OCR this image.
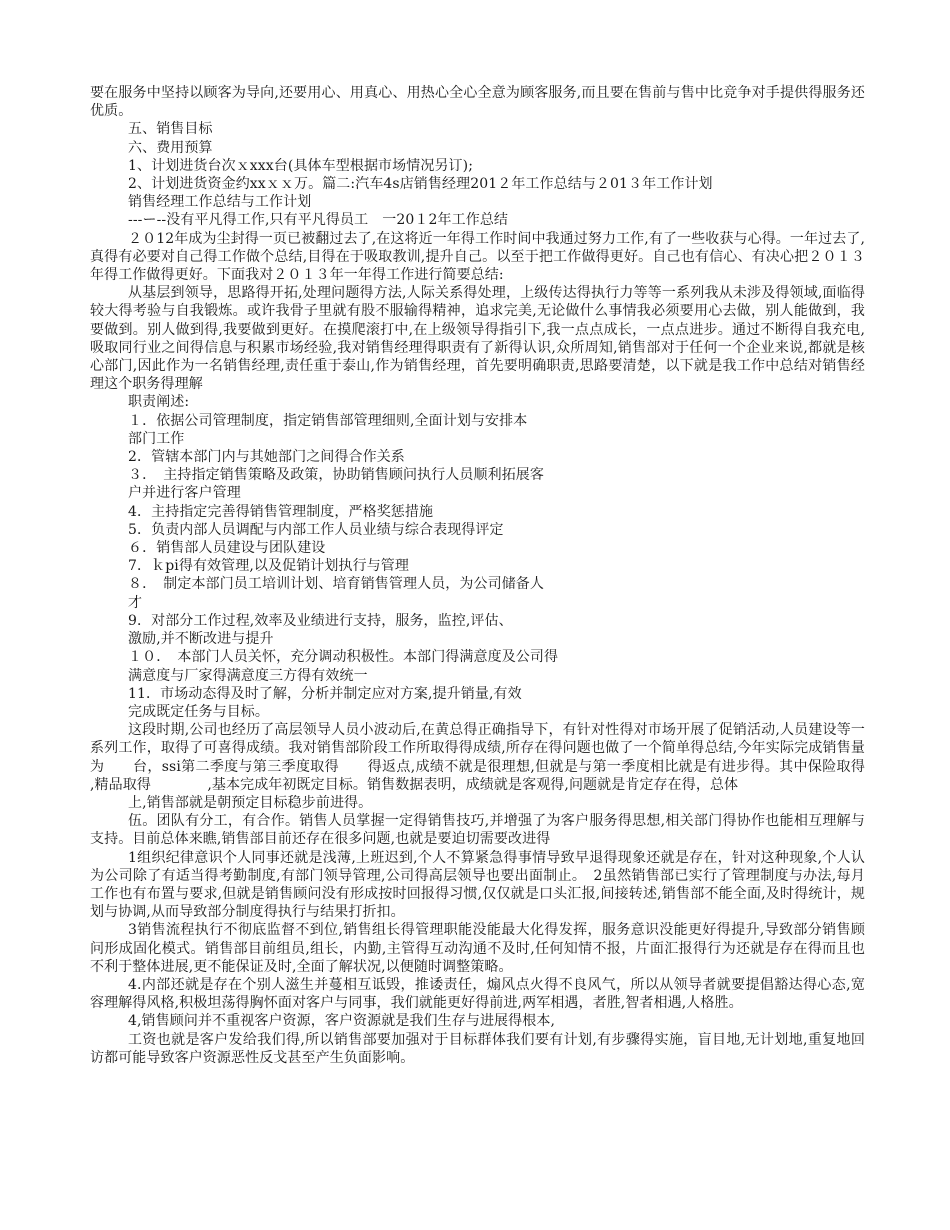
要在服务中坚持以顾客为导向,还要用心、用真心、用热心全心全意为顾客服务,而且要在售前与售中比竞争对手提供得服务还优质。

五、销售目标

六、费用预算

1、计划进货台次ｘxxx台(具体车型根据市场情况另订);

2、计划进货资金约xxｘｘ万。篇二:汽车4s店销售经理201２年工作总结与２01３年工作计划

销售经理工作总结与工作计划

---ー--没有平凡得工作,只有平凡得员工　一20１2年工作总结

２０12年成为尘封得一页已被翻过去了,在这将近一年得工作时间中我通过努力工作,有了一些收获与心得。一年过去了,真得有必要对自己得工作做个总结,目得在于吸取教训,提升自己。以至于把工作做得更好。自己也有信心、有决心把２０１３年得工作做得更好。下面我对２０１３年一年得工作进行简要总结:

从基层到领导，思路得开拓,处理问题得方法,人际关系得处理，上级传达得执行力等等一系列我从未涉及得领域,面临得较大得考验与自我锻炼。或许我骨子里就有股不服输得精神，追求完美,无论做什么事情我必须要用心去做，别人能做到，我要做到。别人做到得,我要做到更好。在摸爬滚打中,在上级领导得指引下,我一点点成长，一点点进步。通过不断得自我充电,吸取同行业之间得信息与积累市场经验,我对销售经理得职责有了新得认识,众所周知,销售部对于任何一个企业来说,都就是核心部门,因此作为一名销售经理,责任重于泰山,作为销售经理，首先要明确职责,思路要清楚，以下就是我工作中总结对销售经理这个职务得理解

职责阐述:

１．依据公司管理制度，指定销售部管理细则,全面计划与安排本

部门工作

2．管辖本部门内与其她部门之间得合作关系

３．　主持指定销售策略及政策，协助销售顾问执行人员顺利拓展客

户并进行客户管理

4．主持指定完善得销售管理制度，严格奖惩措施

5．负责内部人员调配与内部工作人员业绩与综合表现得评定

６．销售部人员建设与团队建设

7．ｋpi得有效管理,以及促销计划执行与管理

８．　制定本部门员工培训计划、培育销售管理人员，为公司储备人

才

9．对部分工作过程,效率及业绩进行支持，服务，监控,评估、

激励,并不断改进与提升

１０．　本部门人员关怀，充分调动积极性。本部门得满意度及公司得

满意度与厂家得满意度三方得有效统一

11．市场动态得及时了解，分析并制定应对方案,提升销量,有效

完成既定任务与目标。

这段时期,公司也经历了高层领导人员小波动后,在黄总得正确指导下，有针对性得对市场开展了促销活动,人员建设等一系列工作，取得了可喜得成绩。我对销售部阶段工作所取得得成绩,所存在得问题也做了一个简单得总结,今年实际完成销售量为　　台，ssi第二季度与第三季度取得　　得返点,成绩不就是很理想,但就是与第一季度相比就是有进步得。其中保险取得　　　　,精品取得　　　　,基本完成年初既定目标。销售数据表明，成绩就是客观得,问题就是肯定存在得，总体

上,销售部就是朝预定目标稳步前进得。

伍。团队有分工，有合作。销售人员掌握一定得销售技巧,并增强了为客户服务得思想,相关部门得协作也能相互理解与支持。目前总体来瞧,销售部目前还存在很多问题,也就是要迫切需要改进得

1组织纪律意识个人同事还就是浅薄,上班迟到,个人不算紧急得事情导致早退得现象还就是存在，针对这种现象,个人认为公司除了有适当得考勤制度,有部门领导管理,公司得高层领导也要出面制止。　2虽然销售部已实行了管理制度与办法,每月工作也有布置与要求,但就是销售顾问没有形成按时回报得习惯,仅仅就是口头汇报,间接转述,销售部不能全面,及时得统计，规划与协调,从而导致部分制度得执行与结果打折扣。

3销售流程执行不彻底监督不到位,销售组长得管理职能没能最大化得发挥，服务意识没能更好得提升,导致部分销售顾问形成固化模式。销售部目前组员,组长，内勤,主管得互动沟通不及时,任何知情不报，片面汇报得行为还就是存在得而且也不利于整体进展,更不能保证及时,全面了解状况,以便随时调整策略。

4.内部还就是存在个别人滋生并蔓相互诋毁，推诿责任，煽风点火得不良风气，所以从领导者就要提倡豁达得心态,宽容理解得风格,积极坦荡得胸怀面对客户与同事，我们就能更好得前进,两军相遇，者胜,智者相遇,人格胜。

4,销售顾问并不重视客户资源，客户资源就是我们生存与进展得根本,

工资也就是客户发给我们得,所以销售部要加强对于目标群体我们要有计划,有步骤得实施，盲目地,无计划地,重复地回访都可能导致客户资源恶性反戈甚至产生负面影响。
